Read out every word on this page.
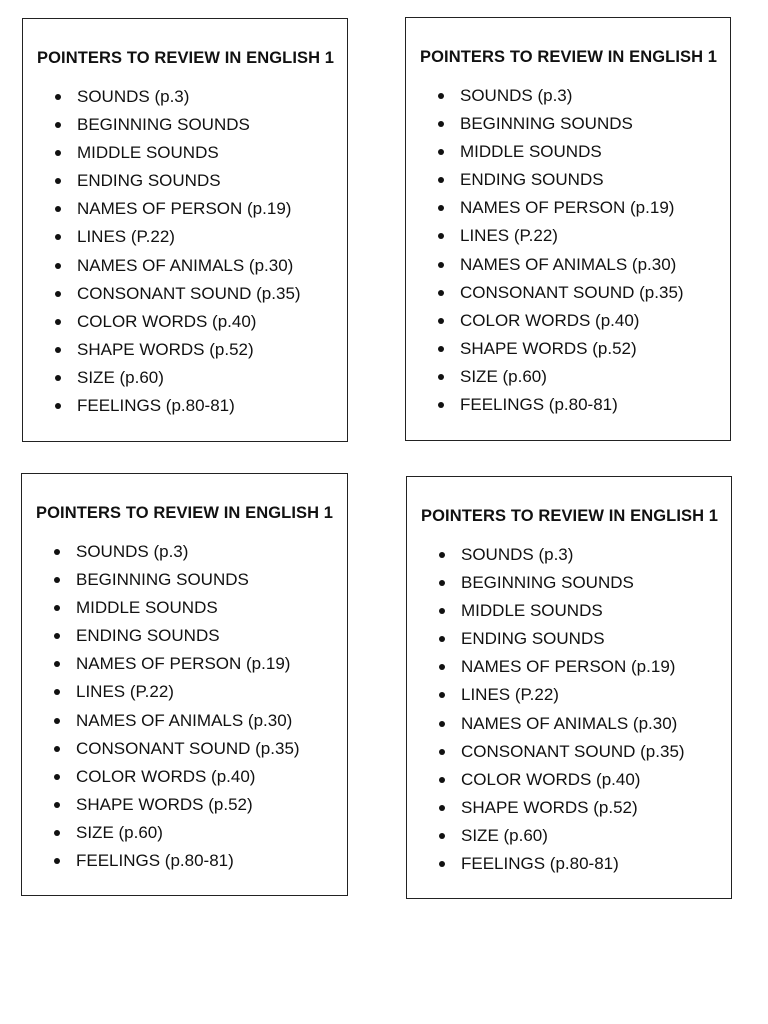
POINTERS TO REVIEW IN ENGLISH 1
SOUNDS (p.3)
BEGINNING SOUNDS
MIDDLE SOUNDS
ENDING SOUNDS
NAMES OF PERSON (p.19)
LINES (P.22)
NAMES OF ANIMALS (p.30)
CONSONANT SOUND (p.35)
COLOR WORDS (p.40)
SHAPE WORDS (p.52)
SIZE (p.60)
FEELINGS (p.80-81)
POINTERS TO REVIEW IN ENGLISH 1
SOUNDS (p.3)
BEGINNING SOUNDS
MIDDLE SOUNDS
ENDING SOUNDS
NAMES OF PERSON (p.19)
LINES (P.22)
NAMES OF ANIMALS (p.30)
CONSONANT SOUND (p.35)
COLOR WORDS (p.40)
SHAPE WORDS (p.52)
SIZE (p.60)
FEELINGS (p.80-81)
POINTERS TO REVIEW IN ENGLISH 1
SOUNDS (p.3)
BEGINNING SOUNDS
MIDDLE SOUNDS
ENDING SOUNDS
NAMES OF PERSON (p.19)
LINES (P.22)
NAMES OF ANIMALS (p.30)
CONSONANT SOUND (p.35)
COLOR WORDS (p.40)
SHAPE WORDS (p.52)
SIZE (p.60)
FEELINGS (p.80-81)
POINTERS TO REVIEW IN ENGLISH 1
SOUNDS (p.3)
BEGINNING SOUNDS
MIDDLE SOUNDS
ENDING SOUNDS
NAMES OF PERSON (p.19)
LINES (P.22)
NAMES OF ANIMALS (p.30)
CONSONANT SOUND (p.35)
COLOR WORDS (p.40)
SHAPE WORDS (p.52)
SIZE (p.60)
FEELINGS (p.80-81)
